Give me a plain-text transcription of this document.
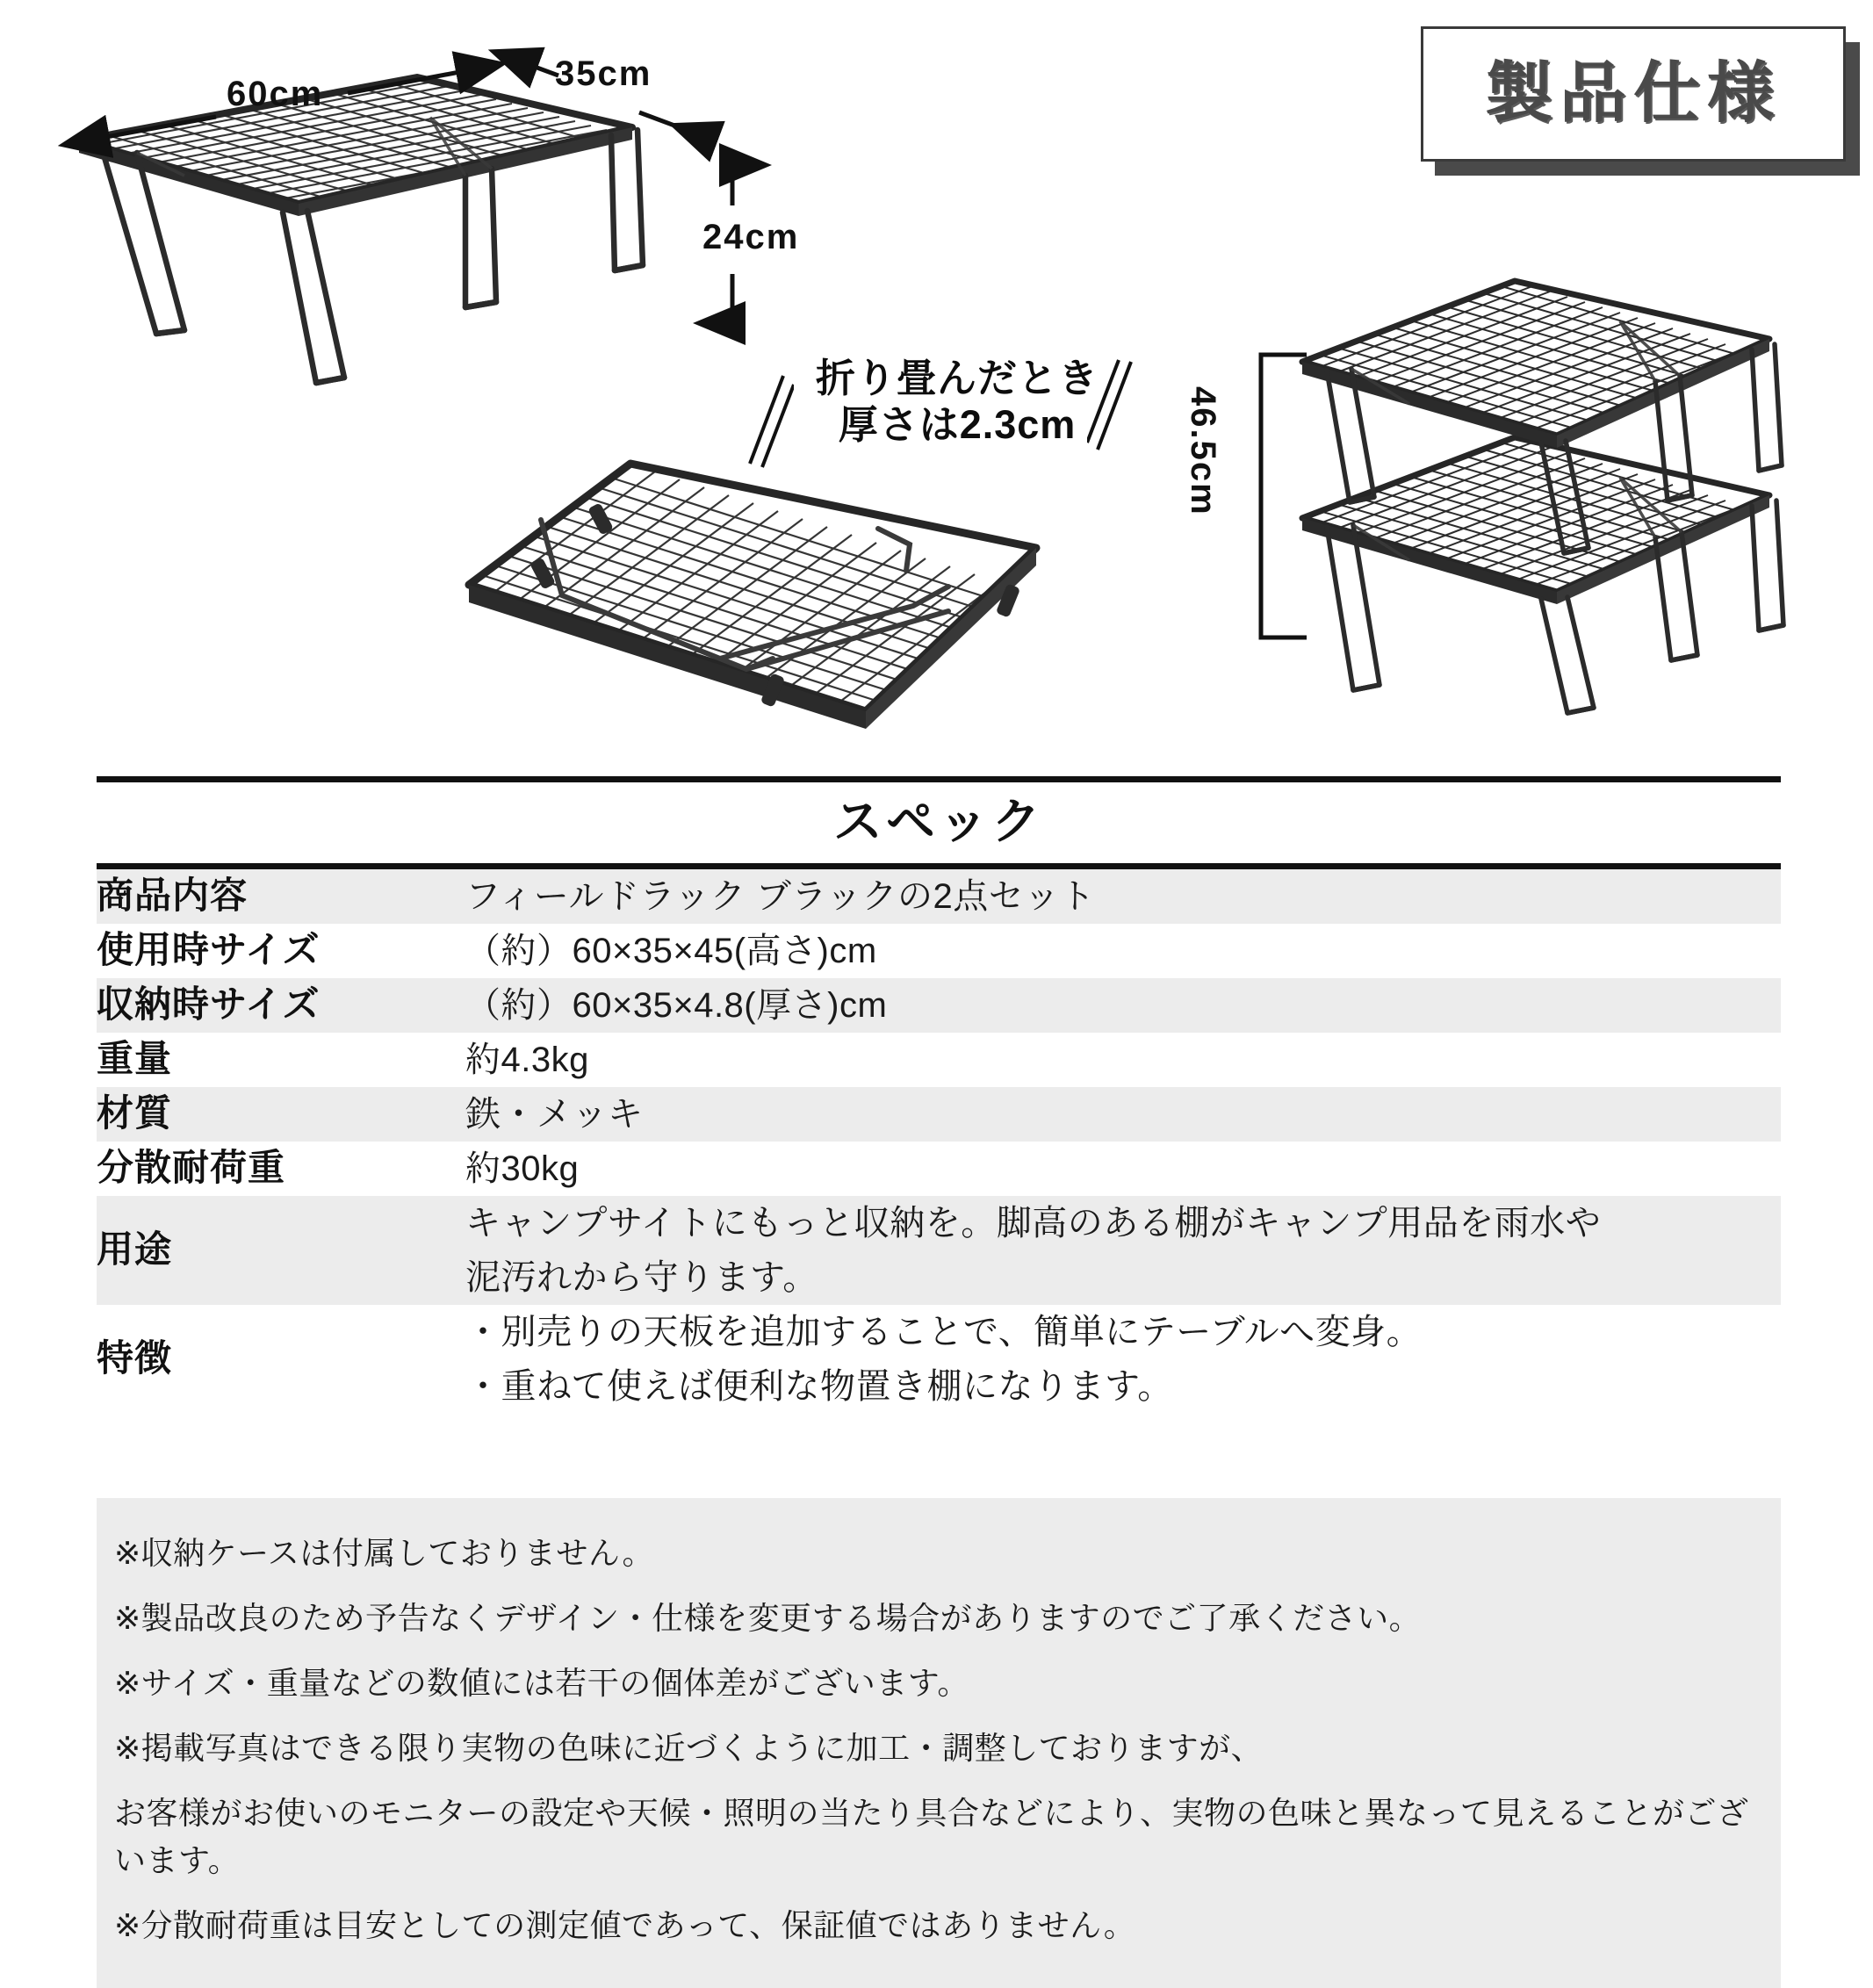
製品仕様
60cm
35cm
24cm
折り畳んだとき
厚さは2.3cm	46.5cm
スペック
商品内容	フィールドラック ブラックの2点セット

使用時サイズ	（約）60×35×45(高さ)cm

収納時サイズ	（約）60×35×4.8(厚さ)cm

重量	約4.3kg

材質	鉄・メッキ

分散耐荷重	約30kg

用途	キャンプサイトにもっと収納を。脚高のある棚がキャンプ用品を雨水や
泥汚れから守ります。

特徴	・別売りの天板を追加することで、簡単にテーブルへ変身。
・重ねて使えば便利な物置き棚になります。

※収納ケースは付属しておりません。

※製品改良のため予告なくデザイン・仕様を変更する場合がありますのでご了承ください。

※サイズ・重量などの数値には若干の個体差がございます。

※掲載写真はできる限り実物の色味に近づくように加工・調整しておりますが、

お客様がお使いのモニターの設定や天候・照明の当たり具合などにより、実物の色味と異なって見えることがございます。

※分散耐荷重は目安としての測定値であって、保証値ではありません。
